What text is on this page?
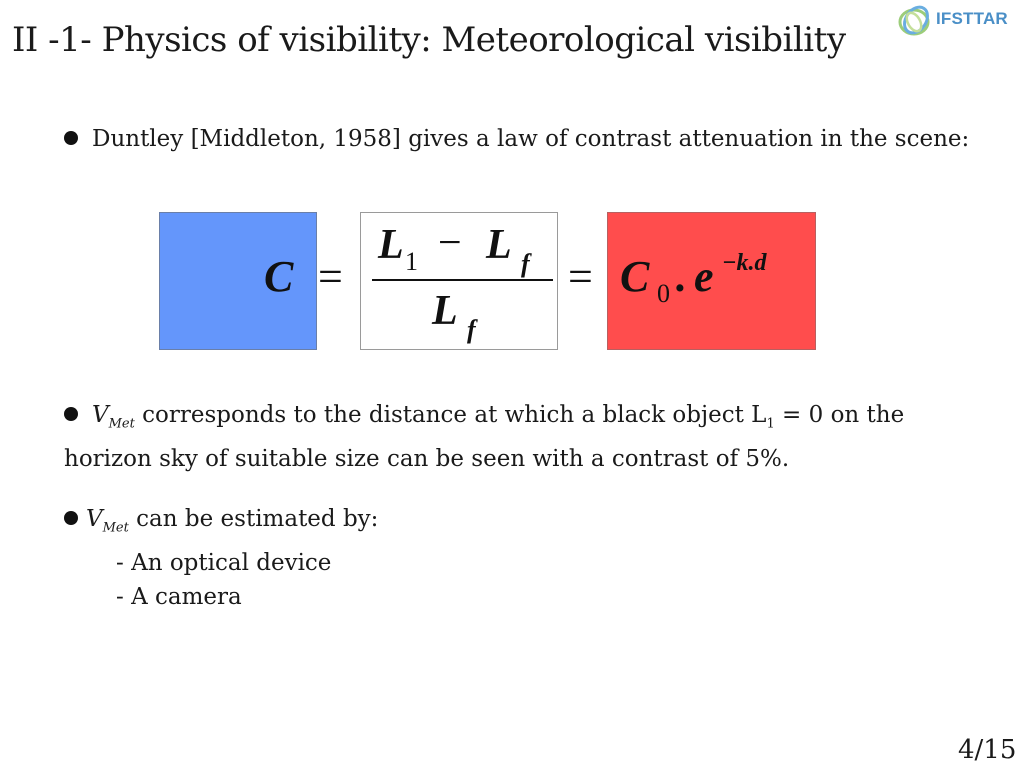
II -1- Physics of visibility: Meteorological visibility
IFSTTAR
Duntley [Middleton, 1958] gives a law of contrast attenuation in the scene:
C =
L 1 − L f
L f
= C 0 . e −k.d
$V_{Met}$ corresponds to the distance at which a black object $L_1 = 0$ on the
horizon sky of suitable size can be seen with a contrast of 5%.
$V_{Met}$ can be estimated by:
- An optical device
- A camera
4/15
